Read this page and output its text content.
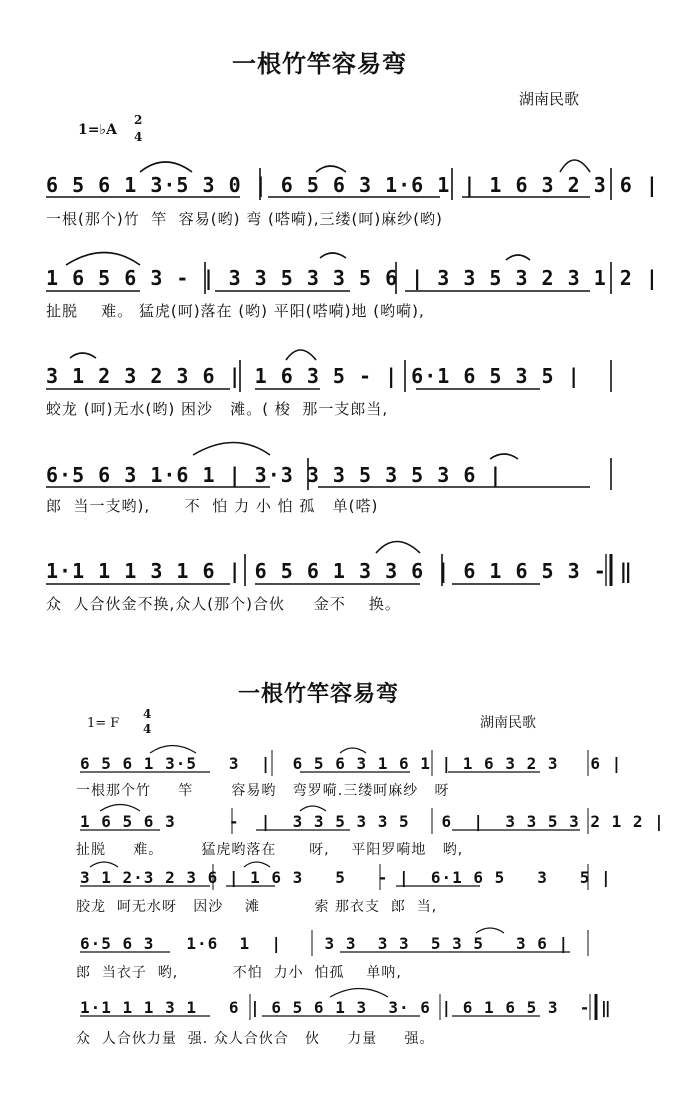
一根竹竿容易弯
湖南民歌
1=♭A
2
4
6 5 6 1 3·5 3 0 | 6 5 6 3 1·6 1 | 1 6 3 2 3 6 |
一根(那个)竹  竿  容易(哟) 弯 (嗒嗬),三缕(呵)麻纱(哟)
1 6 5 6 3 - | 3 3 5 3 3 5 6 | 3 3 5 3 2 3 1 2 |
扯脱    难。 猛虎(呵)落在 (哟) 平阳(嗒嗬)地 (哟嗬),
3 1 2 3 2 3 6 | 1 6 3 5 - | 6·1 6 5 3 5 |
蛟龙 (呵)无水(哟) 困沙   滩。( 梭  那一支郎当,
6·5 6 3 1·6 1 | 3·3 3 3 5 3 5 3 6 |
郎  当一支哟),      不  怕 力 小 怕 孤   单(嗒)
1·1 1 1 3 1 6 | 6 5 6 1 3 3 6 | 6 1 6 5 3 - ‖
众  人合伙金不换,众人(那个)合伙     金不    换。
一根竹竿容易弯
湖南民歌
1= F
4
4
6 5 6 1 3·5   3  |  6 5 6 3 1 6 1 | 1 6 3 2 3   6 |
一根那个竹     竿       容易哟   弯罗嗬.三缕呵麻纱   呀
1 6 5 6 3     -  |  3 3 5 3 3 5   6  |  3 3 5 3 2 1 2 |
扯脱     难。       猛虎哟落在      呀,    平阳罗嗬地   哟,
3 1 2·3 2 3 6 | 1 6 3   5   - |  6·1 6 5   3   5 |
胶龙  呵无水呀   因沙    滩          索 那衣支  郎  当,
6·5 6 3   1·6  1  |    3 3  3 3  5 3 5   3 6 |
郎  当衣子  哟,          不怕  力小  怕孤    单呐,
1·1 1 1 3 1   6 | 6 5 6 1 3  3· 6 | 6 1 6 5 3  - ‖
众  人合伙力量  强. 众人合伙合   伙     力量     强。
